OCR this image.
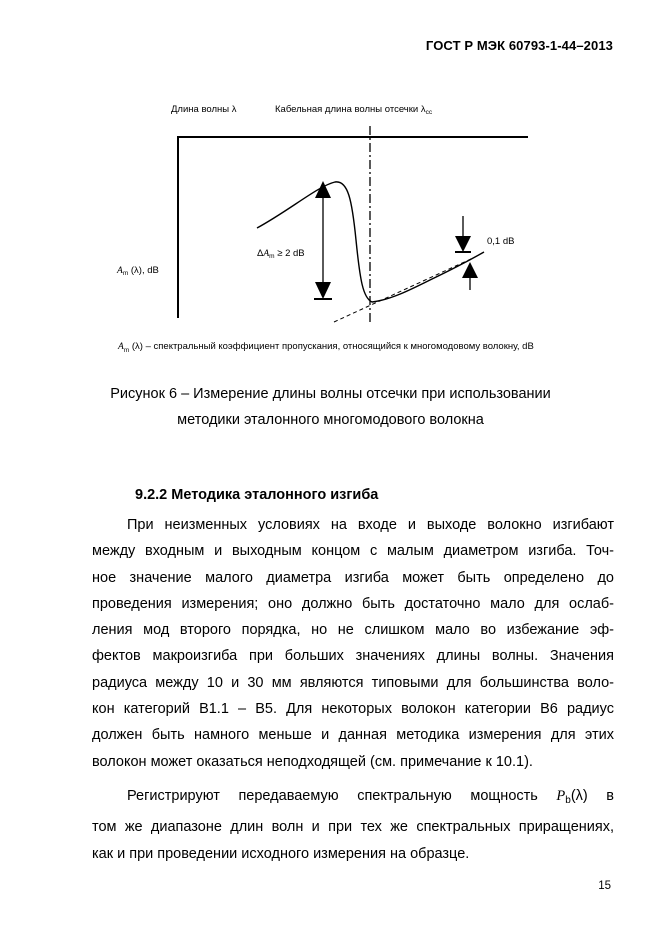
ГОСТ Р МЭК 60793-1-44–2013
Длина волны λ	Кабельная длина волны отсечки $\lambda_{cc}$
$\Delta A_m \ge 2$ dB
0,1 dB
$A_m$ (λ), dB
$A_m$ (λ) – спектральный коэффициент пропускания, относящийся к многомодовому волокну, dB
Рисунок 6 – Измерение длины волны отсечки при использовании
методики эталонного многомодового волокна
9.2.2 Методика эталонного изгиба
При неизменных условиях на входе и выходе волокно изгибают
между входным и выходным концом с малым диаметром изгиба. Точ-
ное значение малого диаметра изгиба может быть определено до
проведения измерения; оно должно быть достаточно мало для ослаб-
ления мод второго порядка, но не слишком мало во избежание эф-
фектов макроизгиба при больших значениях длины волны. Значения
радиуса между 10 и 30 мм являются типовыми для большинства воло-
кон категорий B1.1 – B5. Для некоторых волокон категории B6 радиус
должен быть намного меньше и данная методика измерения для этих
волокон может оказаться неподходящей (см. примечание к 10.1).
Регистрируют передаваемую спектральную мощность $P_b(\lambda)$ в
том же диапазоне длин волн и при тех же спектральных приращениях,
как и при проведении исходного измерения на образце.
15
